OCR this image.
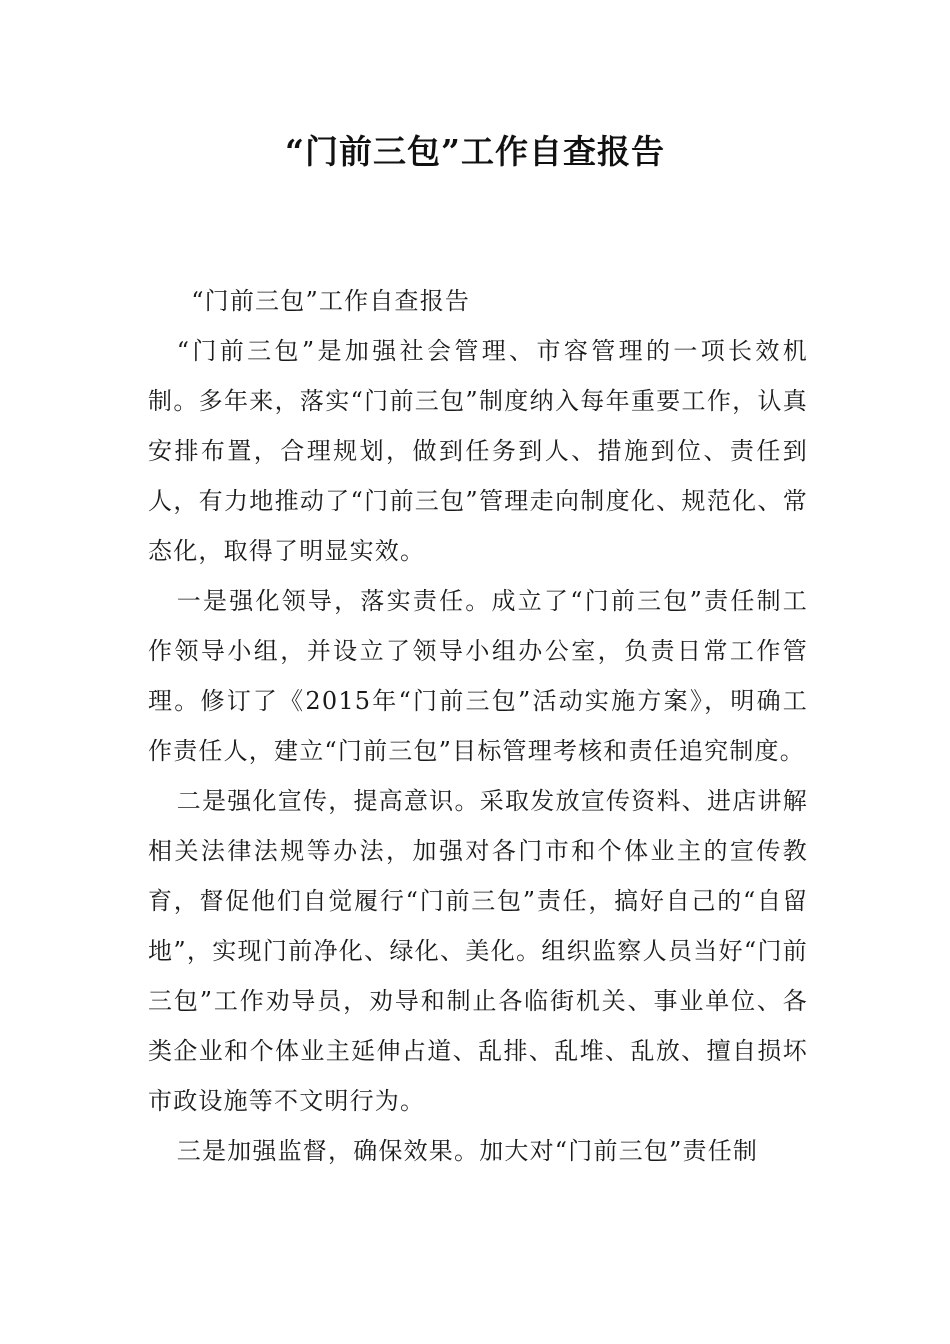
“门前三包”工作自查报告

“门前三包”工作自查报告

“门前三包”是加强社会管理、市容管理的一项长效机制。多年来，落实“门前三包”制度纳入每年重要工作，认真安排布置，合理规划，做到任务到人、措施到位、责任到人，有力地推动了“门前三包”管理走向制度化、规范化、常态化，取得了明显实效。

一是强化领导，落实责任。成立了“门前三包”责任制工作领导小组，并设立了领导小组办公室，负责日常工作管理。修订了《2015年“门前三包”活动实施方案》，明确工作责任人，建立“门前三包”目标管理考核和责任追究制度。

二是强化宣传，提高意识。采取发放宣传资料、进店讲解相关法律法规等办法，加强对各门市和个体业主的宣传教育，督促他们自觉履行“门前三包”责任，搞好自己的“自留地”，实现门前净化、绿化、美化。组织监察人员当好“门前三包”工作劝导员，劝导和制止各临街机关、事业单位、各类企业和个体业主延伸占道、乱排、乱堆、乱放、擅自损坏市政设施等不文明行为。

三是加强监督，确保效果。加大对“门前三包”责任制
